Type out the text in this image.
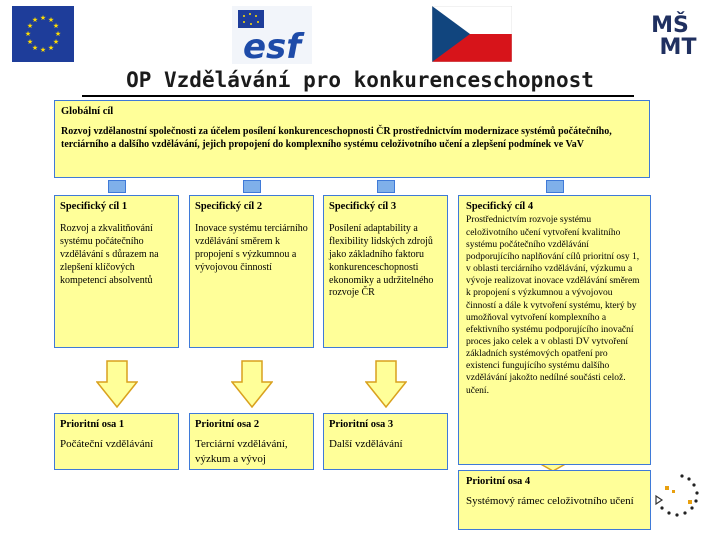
★ ★
★
★
★
★
★
★
★
★
★
★
esf
MŠ
MT
OP Vzdělávání pro konkurenceschopnost
Globální cíl
Rozvoj vzdělanostní společnosti za účelem posílení konkurenceschopnosti ČR prostřednictvím modernizace systémů počátečního, terciárního a dalšího vzdělávání, jejich propojení do komplexního systému celoživotního učení a zlepšení podmínek ve VaV
Specifický cíl 1
Rozvoj a zkvalitňování systému počátečního vzdělávání s důrazem na zlepšení klíčových kompetencí absolventů
Specifický cíl 2
Inovace systému terciárního vzdělávání směrem k propojení s výzkumnou a vývojovou činností
Specifický cíl 3
Posílení adaptability a flexibility lidských zdrojů jako základního faktoru konkurenceschopnosti ekonomiky a udržitelného rozvoje ČR
Specifický cíl 4
Prostřednictvím rozvoje systému celoživotního učení vytvoření kvalitního systému počátečního vzdělávání podporujícího naplňování cílů prioritní osy 1, v oblasti terciárního vzdělávání, výzkumu a vývoje realizovat inovace vzdělávání směrem k propojení s výzkumnou a vývojovou činností a dále k vytvoření systému, který by umožňoval vytvoření komplexního a efektivního systému podporujícího inovační proces jako celek a v oblasti DV vytvoření základních systémových opatření pro existenci fungujícího systému dalšího vzdělávání jakožto nedílné součásti celož. učení.
Prioritní osa 1
Počáteční vzdělávání
Prioritní osa 2
Terciární vzdělávání, výzkum a vývoj
Prioritní osa 3
Další vzdělávání
Prioritní osa 4
Systémový rámec celoživotního učení
